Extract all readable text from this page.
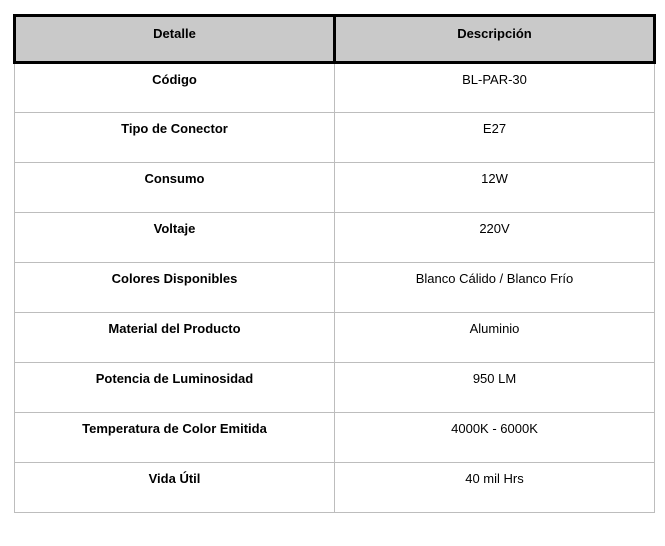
Detalle	Descripción
Código	BL-PAR-30
Tipo de Conector	E27
Consumo	12W
Voltaje	220V
Colores Disponibles	Blanco Cálido / Blanco Frío
Material del Producto	Aluminio
Potencia de Luminosidad	950 LM
Temperatura de Color Emitida	4000K - 6000K
Vida Útil	40 mil Hrs
